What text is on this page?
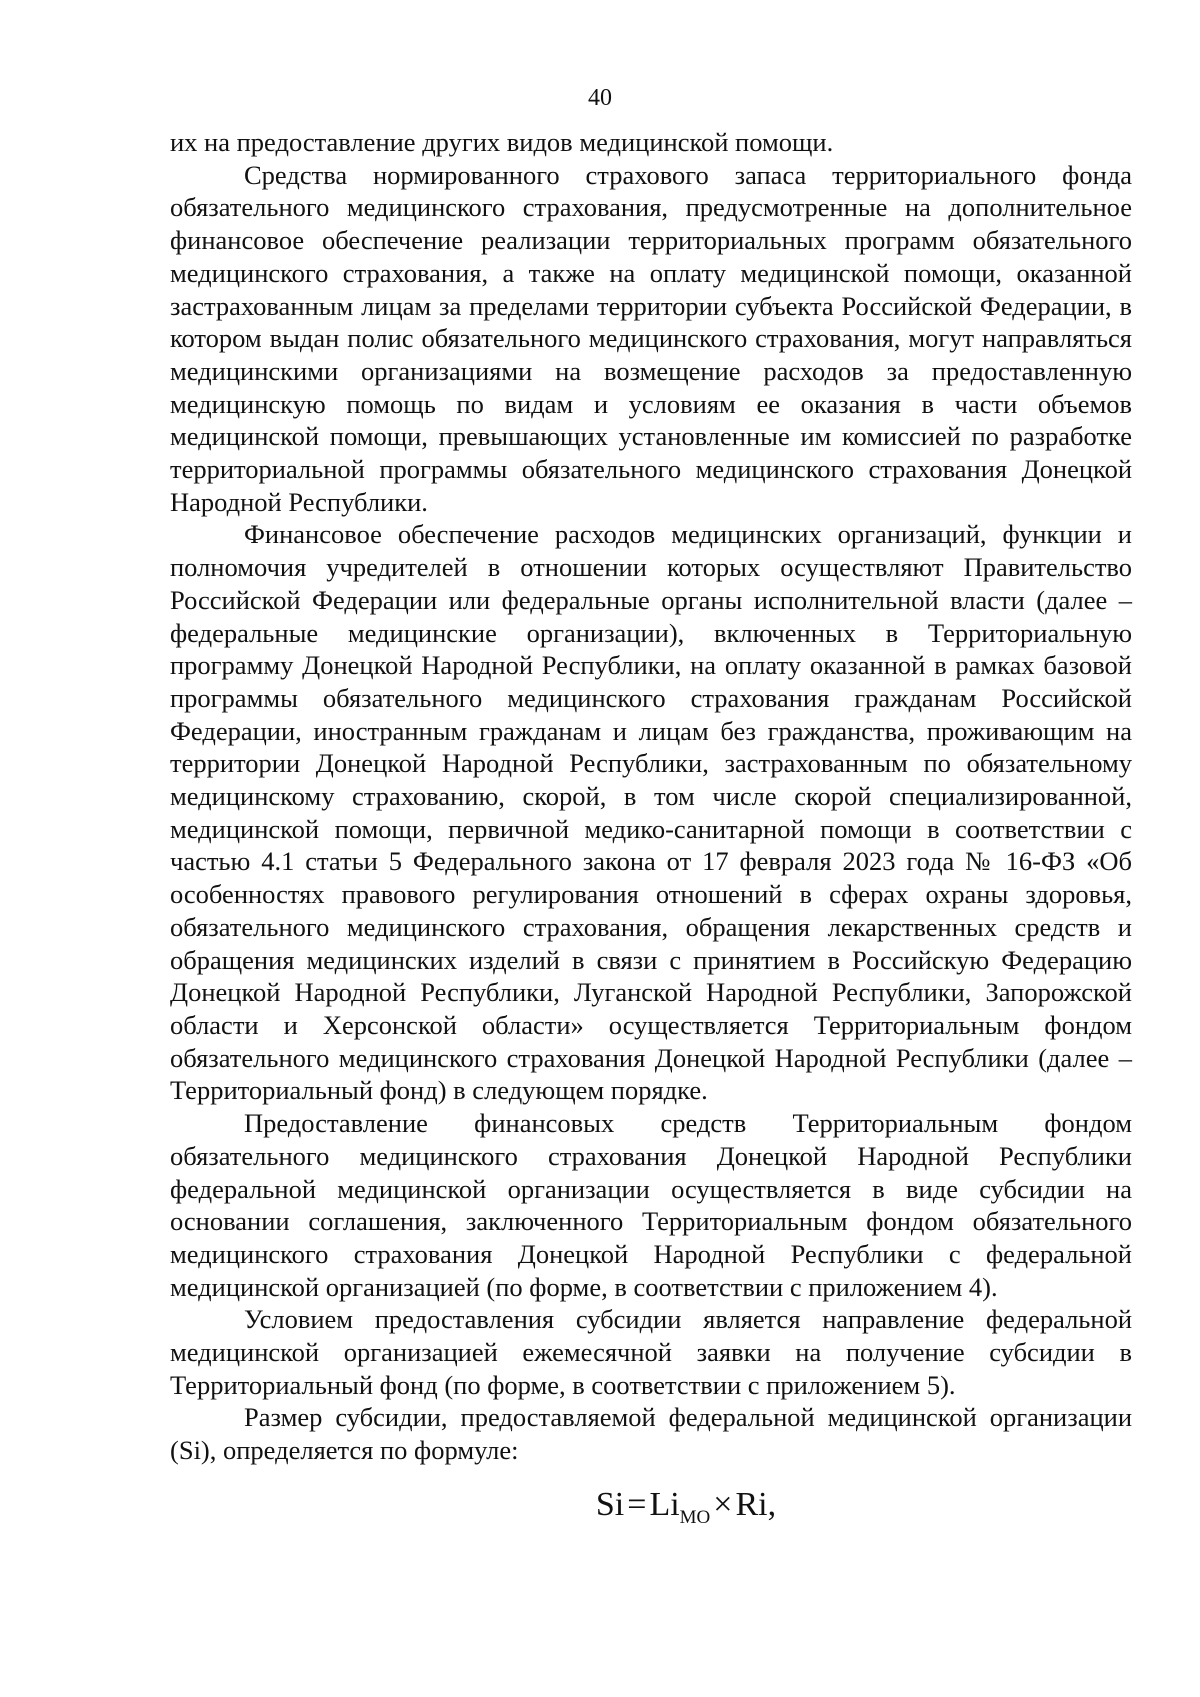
40

их на предоставление других видов медицинской помощи.

Средства нормированного страхового запаса территориального фонда обязательного медицинского страхования, предусмотренные на дополнительное финансовое обеспечение реализации территориальных программ обязательного медицинского страхования, а также на оплату медицинской помощи, оказанной застрахованным лицам за пределами территории субъекта Российской Федерации, в котором выдан полис обязательного медицинского страхования, могут направляться медицинскими организациями на возмещение расходов за предоставленную медицинскую помощь по видам и условиям ее оказания в части объемов медицинской помощи, превышающих установленные им комиссией по разработке территориальной программы обязательного медицинского страхования Донецкой Народной Республики.

Финансовое обеспечение расходов медицинских организаций, функции и полномочия учредителей в отношении которых осуществляют Правительство Российской Федерации или федеральные органы исполнительной власти (далее – федеральные медицинские организации), включенных в Территориальную программу Донецкой Народной Республики, на оплату оказанной в рамках базовой программы обязательного медицинского страхования гражданам Российской Федерации, иностранным гражданам и лицам без гражданства, проживающим на территории Донецкой Народной Республики, застрахованным по обязательному медицинскому страхованию, скорой, в том числе скорой специализированной, медицинской помощи, первичной медико-санитарной помощи в соответствии с частью 4.1 статьи 5 Федерального закона от 17 февраля 2023 года № 16-ФЗ «Об особенностях правового регулирования отношений в сферах охраны здоровья, обязательного медицинского страхования, обращения лекарственных средств и обращения медицинских изделий в связи с принятием в Российскую Федерацию Донецкой Народной Республики, Луганской Народной Республики, Запорожской области и Херсонской области» осуществляется Территориальным фондом обязательного медицинского страхования Донецкой Народной Республики (далее – Территориальный фонд) в следующем порядке.

Предоставление финансовых средств Территориальным фондом обязательного медицинского страхования Донецкой Народной Республики федеральной медицинской организации осуществляется в виде субсидии на основании соглашения, заключенного Территориальным фондом обязательного медицинского страхования Донецкой Народной Республики с федеральной медицинской организацией (по форме, в соответствии с приложением 4).

Условием предоставления субсидии является направление федеральной медицинской организацией ежемесячной заявки на получение субсидии в Территориальный фонд (по форме, в соответствии с приложением 5).

Размер субсидии, предоставляемой федеральной медицинской организации (Si), определяется по формуле:

$Si=Li_{МО}\times Ri$,
